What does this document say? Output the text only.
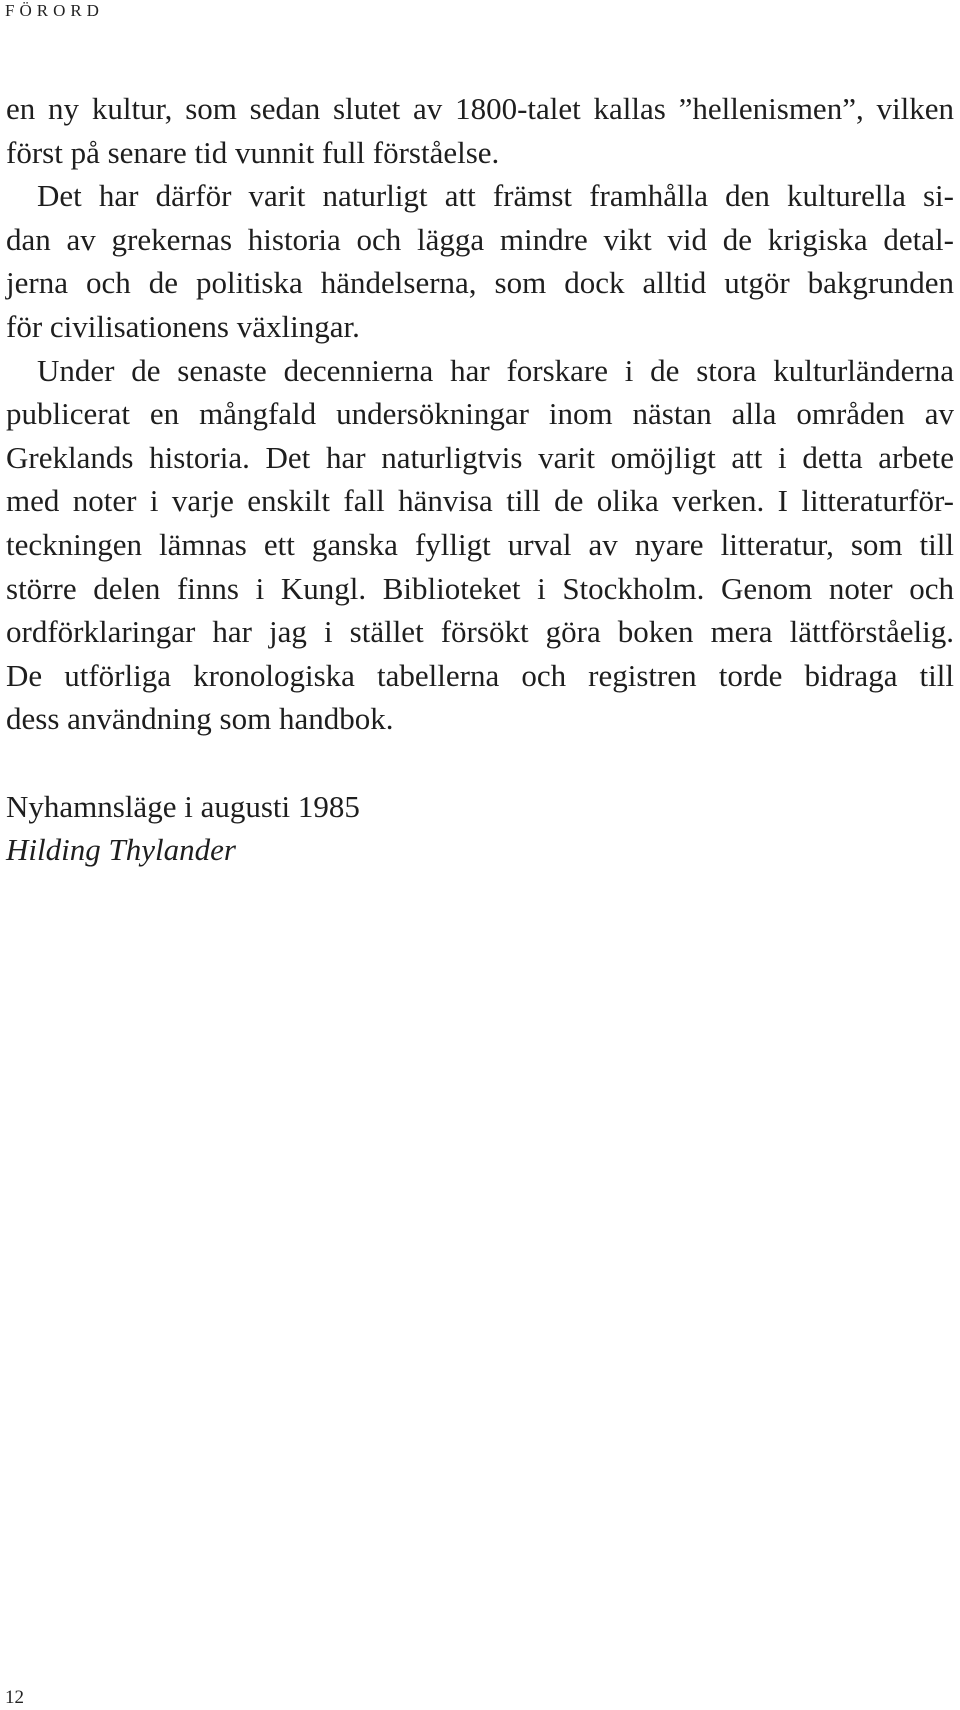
FÖRORD
en ny kultur, som sedan slutet av 1800-talet kallas ”hellenismen”, vilken
först på senare tid vunnit full förståelse.
Det har därför varit naturligt att främst framhålla den kulturella si-
dan av grekernas historia och lägga mindre vikt vid de krigiska detal-
jerna och de politiska händelserna, som dock alltid utgör bakgrunden
för civilisationens växlingar.
Under de senaste decennierna har forskare i de stora kulturländerna
publicerat en mångfald undersökningar inom nästan alla områden av
Greklands historia. Det har naturligtvis varit omöjligt att i detta arbete
med noter i varje enskilt fall hänvisa till de olika verken. I litteraturför-
teckningen lämnas ett ganska fylligt urval av nyare litteratur, som till
större delen finns i Kungl. Biblioteket i Stockholm. Genom noter och
ordförklaringar har jag i stället försökt göra boken mera lättförståelig.
De utförliga kronologiska tabellerna och registren torde bidraga till
dess användning som handbok.
Nyhamnsläge i augusti 1985
Hilding Thylander
12
